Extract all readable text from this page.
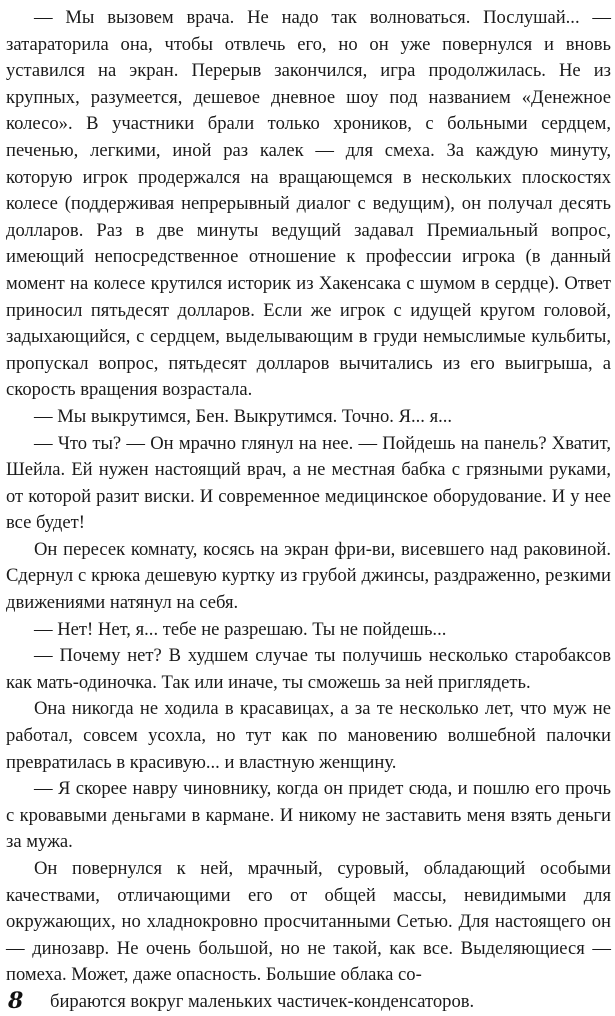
— Мы вызовем врача. Не надо так волноваться. Послушай... — затараторила она, чтобы отвлечь его, но он уже повернулся и вновь уставился на экран. Перерыв закончился, игра продолжилась. Не из крупных, разумеется, дешевое дневное шоу под названием «Денежное колесо». В участники брали только хроников, с больными сердцем, печенью, легкими, иной раз калек — для смеха. За каждую минуту, которую игрок продержался на вращающемся в нескольких плоскостях колесе (поддерживая непрерывный диалог с ведущим), он получал десять долларов. Раз в две минуты ведущий задавал Премиальный вопрос, имеющий непосредственное отношение к профессии игрока (в данный момент на колесе крутился историк из Хакенсака с шумом в сердце). Ответ приносил пятьдесят долларов. Если же игрок с идущей кругом головой, задыхающийся, с сердцем, выделывающим в груди немыслимые кульбиты, пропускал вопрос, пятьдесят долларов вычитались из его выигрыша, а скорость вращения возрастала.

— Мы выкрутимся, Бен. Выкрутимся. Точно. Я... я...

— Что ты? — Он мрачно глянул на нее. — Пойдешь на панель? Хватит, Шейла. Ей нужен настоящий врач, а не местная бабка с грязными руками, от которой разит виски. И современное медицинское оборудование. И у нее все будет!

Он пересек комнату, косясь на экран фри-ви, висевшего над раковиной. Сдернул с крюка дешевую куртку из грубой джинсы, раздраженно, резкими движениями натянул на себя.

— Нет! Нет, я... тебе не разрешаю. Ты не пойдешь...

— Почему нет? В худшем случае ты получишь несколько старобаксов как мать-одиночка. Так или иначе, ты сможешь за ней приглядеть.

Она никогда не ходила в красавицах, а за те несколько лет, что муж не работал, совсем усохла, но тут как по мановению волшебной палочки превратилась в красивую... и властную женщину.

— Я скорее навру чиновнику, когда он придет сюда, и пошлю его прочь с кровавыми деньгами в кармане. И никому не заставить меня взять деньги за мужа.

Он повернулся к ней, мрачный, суровый, обладающий особыми качествами, отличающими его от общей массы, невидимыми для окружающих, но хладнокровно просчитанными Сетью. Для настоящего он — динозавр. Не очень большой, но не такой, как все. Выделяющиеся — помеха. Может, даже опасность. Большие облака со-
бираются вокруг маленьких частичек-конденсаторов.

8
